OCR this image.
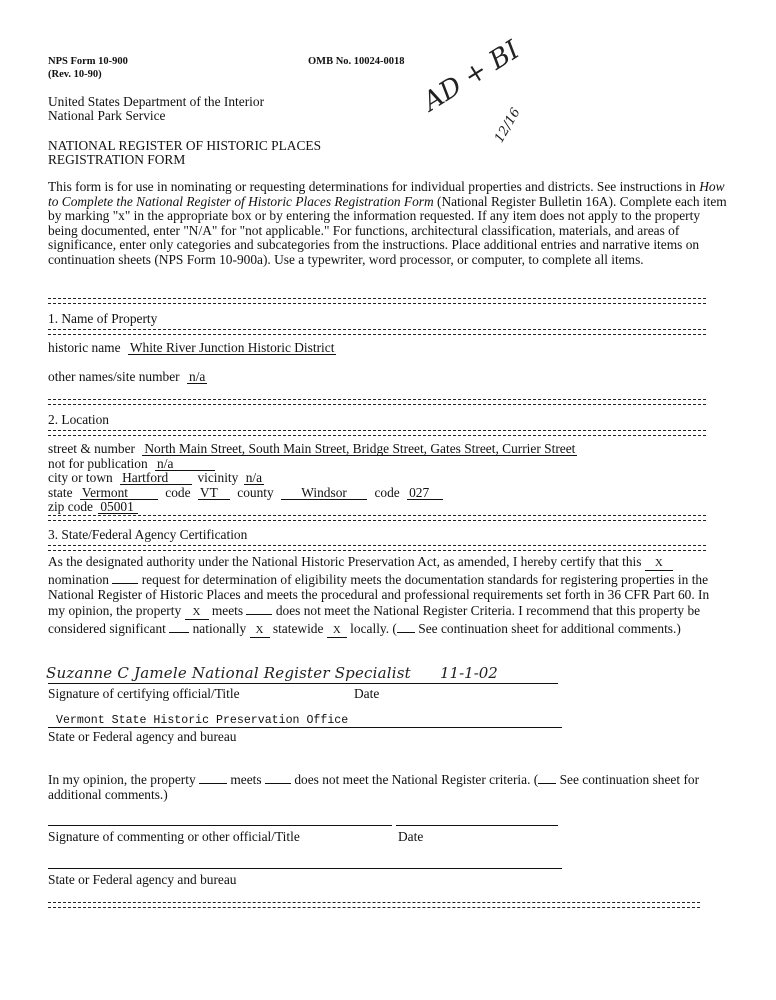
NPS Form 10-900
(Rev. 10-90)
OMB No. 10024-0018
United States Department of the Interior
National Park Service
NATIONAL REGISTER OF HISTORIC PLACES
REGISTRATION FORM
AD + BI
12/16
This form is for use in nominating or requesting determinations for individual properties and districts. See instructions in How to Complete the National Register of Historic Places Registration Form (National Register Bulletin 16A). Complete each item by marking "x" in the appropriate box or by entering the information requested. If any item does not apply to the property being documented, enter "N/A" for "not applicable." For functions, architectural classification, materials, and areas of significance, enter only categories and subcategories from the instructions. Place additional entries and narrative items on continuation sheets (NPS Form 10-900a). Use a typewriter, word processor, or computer, to complete all items.
1. Name of Property
historic name White River Junction Historic District
other names/site number n/a
2. Location
street & number North Main Street, South Main Street, Bridge Street, Gates Street, Currier Street
not for publication n/a
city or town Hartford vicinity n/a
state Vermont	code VT county Windsor code 027
zip code 05001
3. State/Federal Agency Certification
As the designated authority under the National Historic Preservation Act, as amended, I hereby certify that this X nomination request for determination of eligibility meets the documentation standards for registering properties in the National Register of Historic Places and meets the procedural and professional requirements set forth in 36 CFR Part 60. In my opinion, the property X meets does not meet the National Register Criteria. I recommend that this property be considered significant nationally X statewide X locally. ( See continuation sheet for additional comments.)
Suzanne C Jamele National Register Specialist 11-1-02
Signature of certifying official/Title	Date
Vermont State Historic Preservation Office
State or Federal agency and bureau
In my opinion, the property	meets does not meet the National Register criteria. ( See continuation sheet for additional comments.)
Signature of commenting or other official/Title	Date
State or Federal agency and bureau
